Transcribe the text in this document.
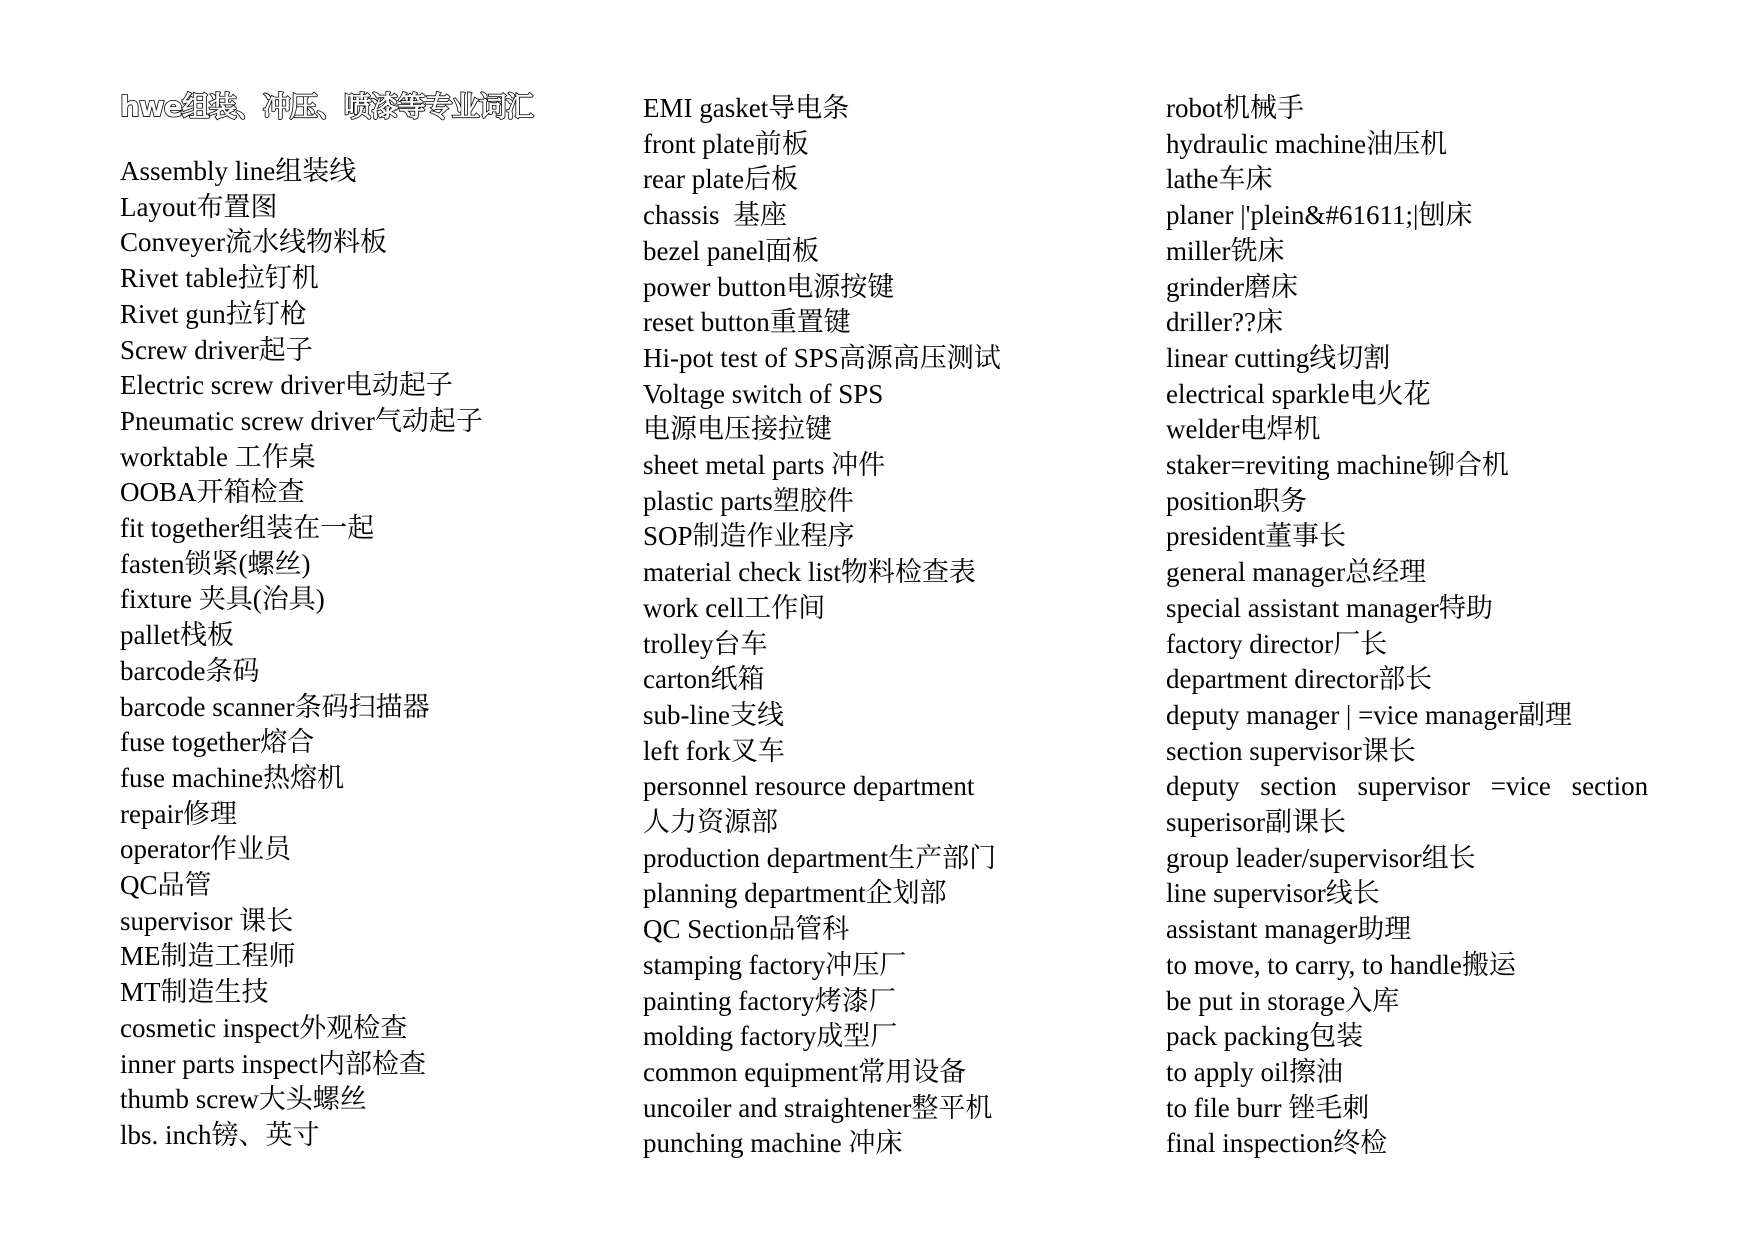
hwe组装、冲压、喷漆等专业词汇
Assembly line组装线
Layout布置图
Conveyer流水线物料板
Rivet table拉钉机
Rivet gun拉钉枪
Screw driver起子
Electric screw driver电动起子
Pneumatic screw driver气动起子
worktable 工作桌
OOBA开箱检查
fit together组装在一起
fasten锁紧(螺丝)
fixture 夹具(治具)
pallet栈板
barcode条码
barcode scanner条码扫描器
fuse together熔合
fuse machine热熔机
repair修理
operator作业员
QC品管
supervisor 课长
ME制造工程师
MT制造生技
cosmetic inspect外观检查
inner parts inspect内部检查
thumb screw大头螺丝
lbs. inch镑、英寸
EMI gasket导电条
front plate前板
rear plate后板
chassis  基座
bezel panel面板
power button电源按键
reset button重置键
Hi-pot test of SPS高源高压测试
Voltage switch of SPS
电源电压接拉键
sheet metal parts 冲件
plastic parts塑胶件
SOP制造作业程序
material check list物料检查表
work cell工作间
trolley台车
carton纸箱
sub-line支线
left fork叉车
personnel resource department
人力资源部
production department生产部门
planning department企划部
QC Section品管科
stamping factory冲压厂
painting factory烤漆厂
molding factory成型厂
common equipment常用设备
uncoiler and straightener整平机
punching machine 冲床
robot机械手
hydraulic machine油压机
lathe车床
planer |'plein&#61611;|刨床
miller铣床
grinder磨床
driller??床
linear cutting线切割
electrical sparkle电火花
welder电焊机
staker=reviting machine铆合机
position职务
president董事长
general manager总经理
special assistant manager特助
factory director厂长
department director部长
deputy manager | =vice manager副理
section supervisor课长
deputy section supervisor =vice section
superisor副课长
group leader/supervisor组长
line supervisor线长
assistant manager助理
to move, to carry, to handle搬运
be put in storage入库
pack packing包装
to apply oil擦油
to file burr 锉毛刺
final inspection终检
